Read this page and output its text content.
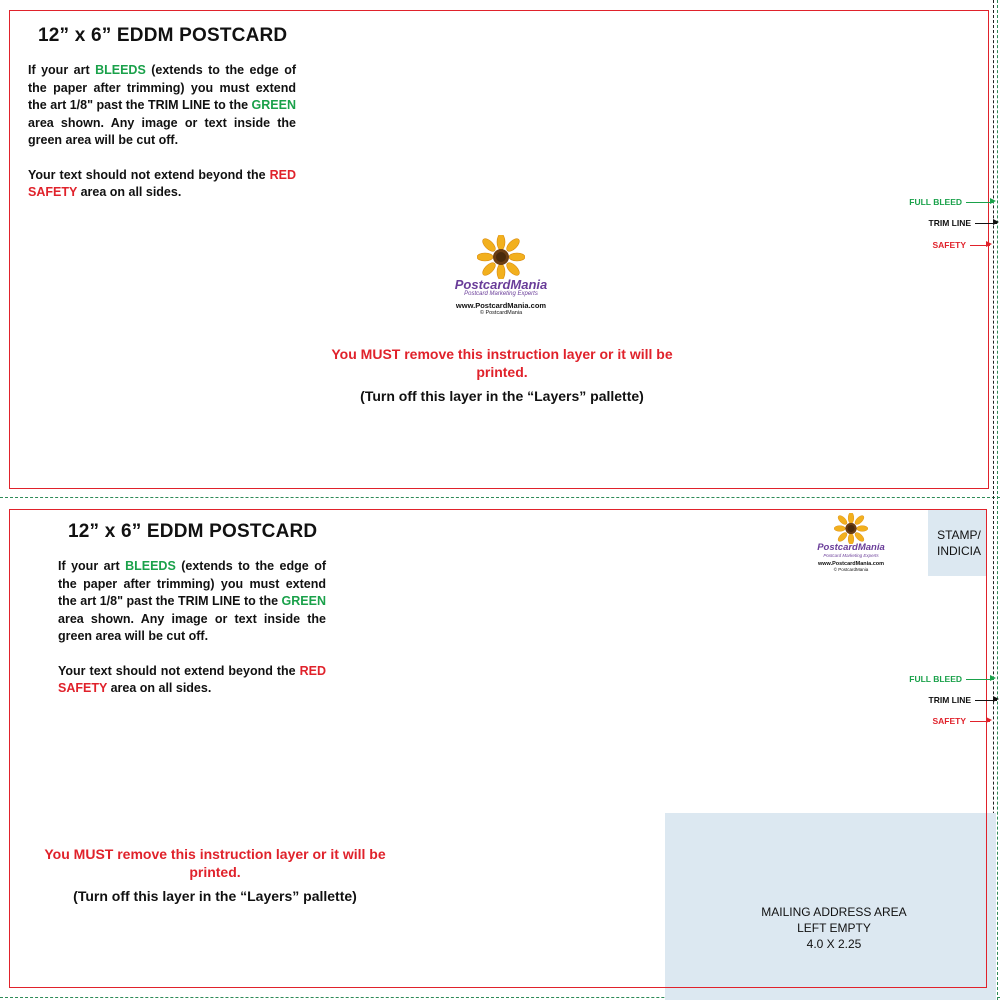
12” x 6” EDDM POSTCARD

If your art BLEEDS (extends to the edge of the paper after trimming) you must extend the art 1/8" past the TRIM LINE to the GREEN area shown. Any image or text inside the green area will be cut off.

Your text should not extend beyond the RED SAFETY area on all sides.

PostcardMania
Postcard Marketing Experts
www.PostcardMania.com
© PostcardMania
You MUST remove this instruction layer or it will be printed.
(Turn off this layer in the “Layers” pallette)
FULL BLEED
TRIM LINE
SAFETY
STAMP/
INDICIA
MAILING ADDRESS AREA
LEFT EMPTY
4.0 X 2.25
12” x 6” EDDM POSTCARD

If your art BLEEDS (extends to the edge of the paper after trimming) you must extend the art 1/8" past the TRIM LINE to the GREEN area shown. Any image or text inside the green area will be cut off.

Your text should not extend beyond the RED SAFETY area on all sides.

PostcardMania
Postcard Marketing Experts
www.PostcardMania.com
© PostcardMania
You MUST remove this instruction layer or it will be printed.
(Turn off this layer in the “Layers” pallette)
FULL BLEED
TRIM LINE
SAFETY
